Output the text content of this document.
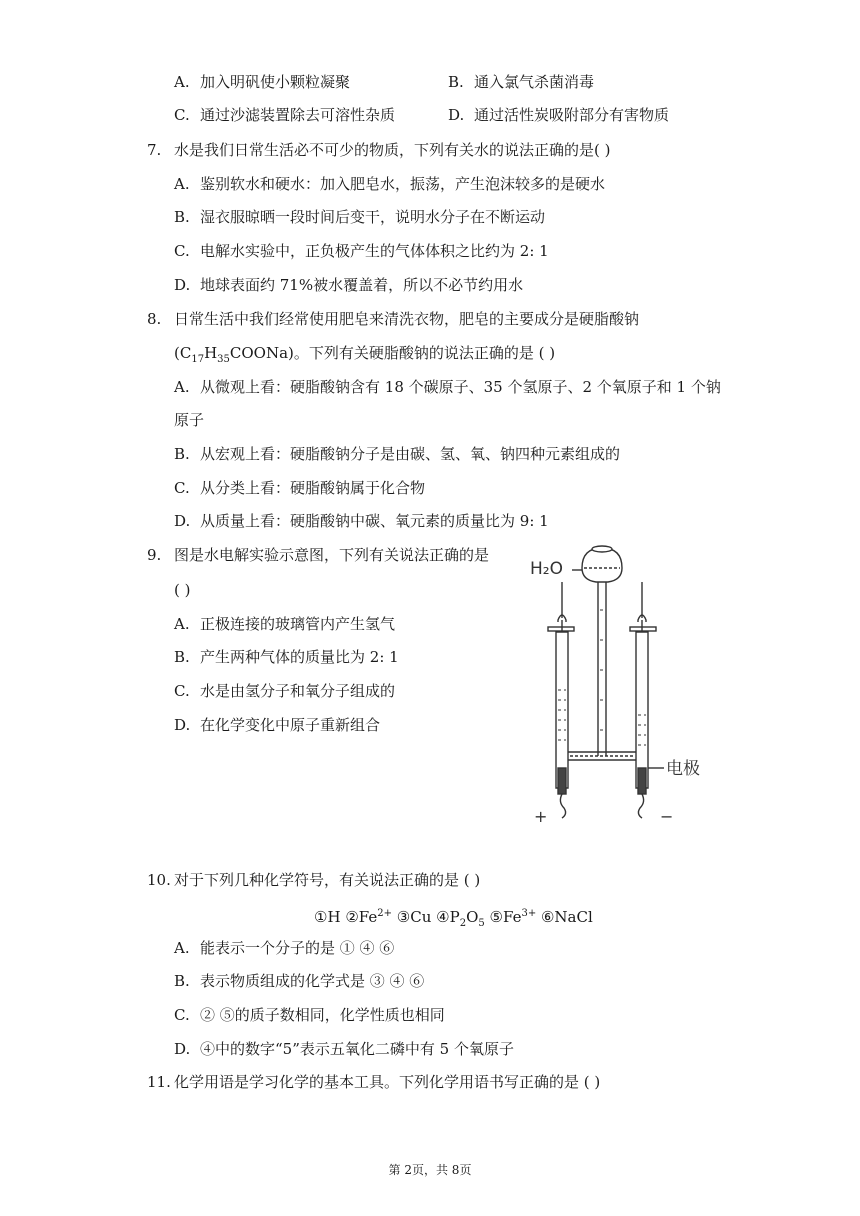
A. 加入明矾使小颗粒凝聚	B. 通入氯气杀菌消毒
C. 通过沙滤装置除去可溶性杂质	D. 通过活性炭吸附部分有害物质
7. 水是我们日常生活必不可少的物质，下列有关水的说法正确的是( )
A. 鉴别软水和硬水：加入肥皂水，振荡，产生泡沫较多的是硬水
B. 湿衣服晾晒一段时间后变干，说明水分子在不断运动
C. 电解水实验中，正负极产生的气体体积之比约为 2: 1
D. 地球表面约 71%被水覆盖着，所以不必节约用水
8. 日常生活中我们经常使用肥皂来清洗衣物，肥皂的主要成分是硬脂酸钠
$(C_{17}H_{35}COONa)$。下列有关硬脂酸钠的说法正确的是 ( )
A. 从微观上看：硬脂酸钠含有 18 个碳原子、35 个氢原子、2 个氧原子和 1 个钠
原子
B. 从宏观上看：硬脂酸钠分子是由碳、氢、氧、钠四种元素组成的
C. 从分类上看：硬脂酸钠属于化合物
D. 从质量上看：硬脂酸钠中碳、氧元素的质量比为 9: 1
9. 图是水电解实验示意图，下列有关说法正确的是
( )
A. 正极连接的玻璃管内产生氢气
B. 产生两种气体的质量比为 2: 1
C. 水是由氢分子和氧分子组成的
D. 在化学变化中原子重新组合
H₂O
电极
+	−
10. 对于下列几种化学符号，有关说法正确的是 ( )
①H $②Fe^{2+}$ ③Cu $④P_2O_5$ $⑤Fe^{3+}$ ⑥NaCl
A. 能表示一个分子的是 ① ④ ⑥
B. 表示物质组成的化学式是 ③ ④ ⑥
C. ② ⑤的质子数相同，化学性质也相同
D. ④中的数字“5”表示五氧化二磷中有 5 个氧原子
11. 化学用语是学习化学的基本工具。下列化学用语书写正确的是 ( )
第 2页，共 8页
